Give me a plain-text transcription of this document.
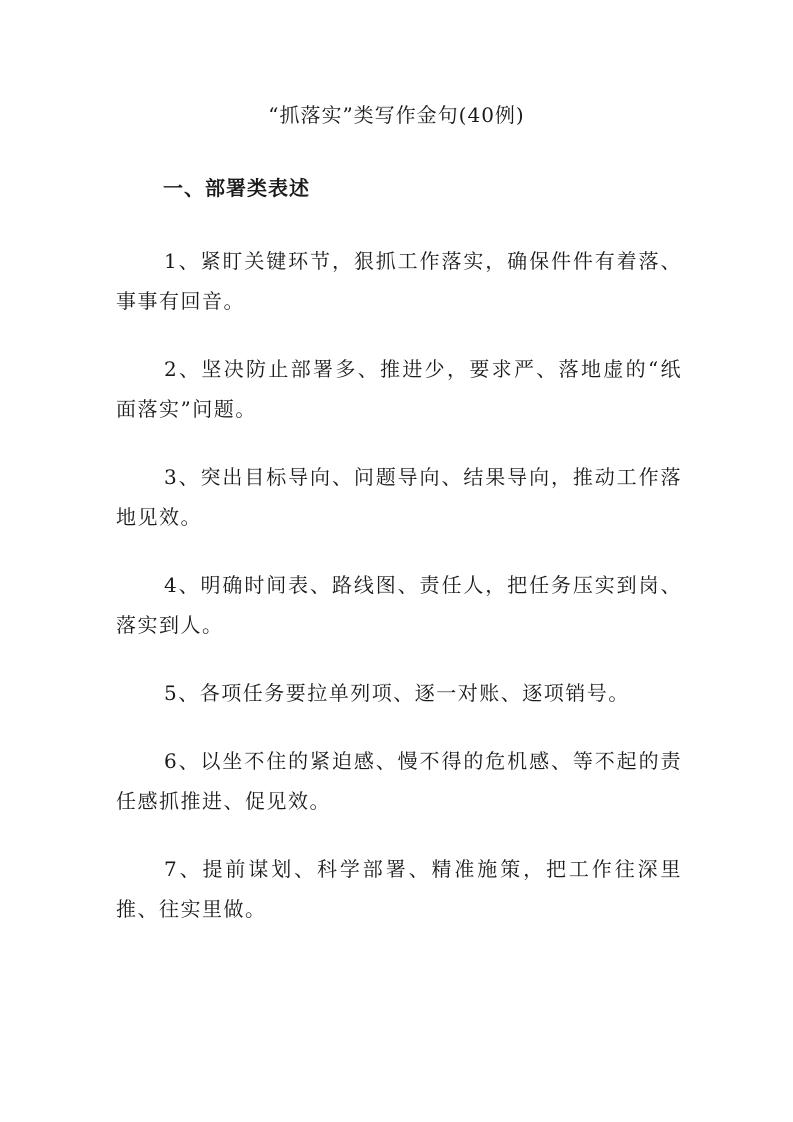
“抓落实”类写作金句(40例)
一、部署类表述

1、紧盯关键环节，狠抓工作落实，确保件件有着落、事事有回音。

2、坚决防止部署多、推进少，要求严、落地虚的“纸面落实”问题。

3、突出目标导向、问题导向、结果导向，推动工作落地见效。

4、明确时间表、路线图、责任人，把任务压实到岗、落实到人。

5、各项任务要拉单列项、逐一对账、逐项销号。

6、以坐不住的紧迫感、慢不得的危机感、等不起的责任感抓推进、促见效。

7、提前谋划、科学部署、精准施策，把工作往深里推、往实里做。
